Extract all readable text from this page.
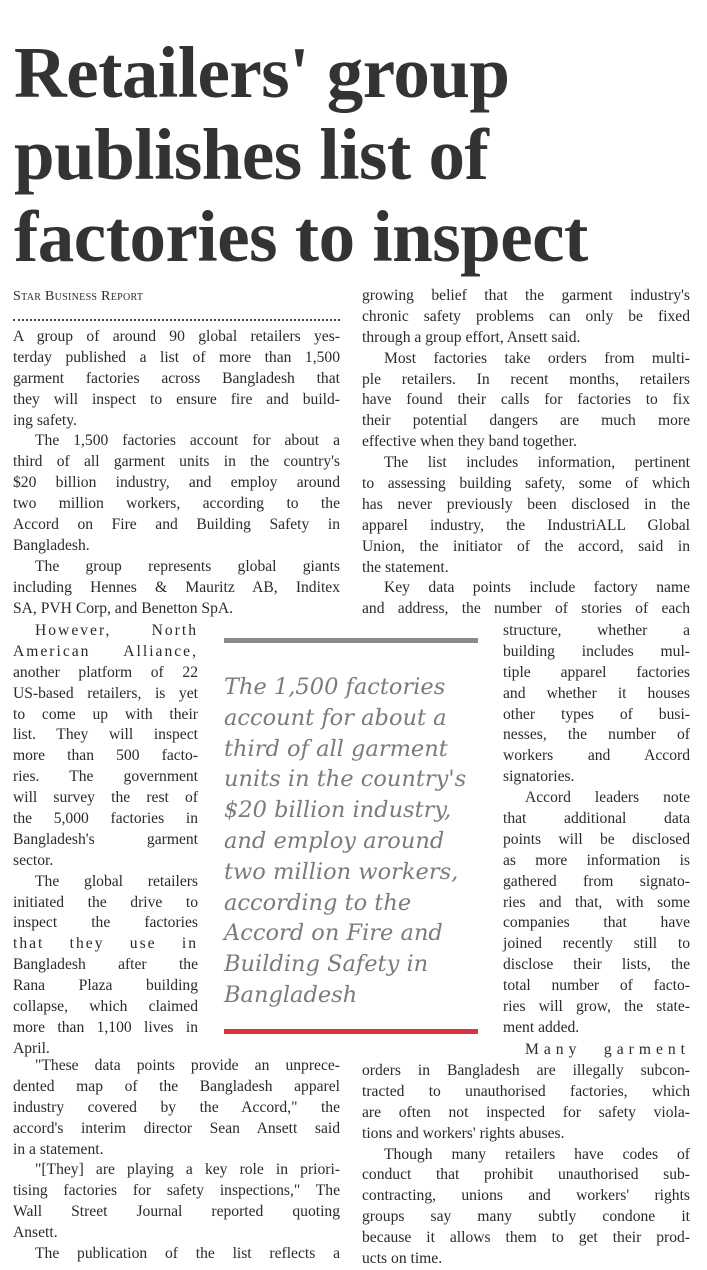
Retailers' group
publishes list of
factories to inspect
Star Business Report
A group of around 90 global retailers yes-
terday published a list of more than 1,500
garment factories across Bangladesh that
they will inspect to ensure fire and build-
ing safety.
The 1,500 factories account for about a
third of all garment units in the country's
$20 billion industry, and employ around
two million workers, according to the
Accord on Fire and Building Safety in
Bangladesh.
The group represents global giants
including Hennes & Mauritz AB, Inditex
SA, PVH Corp, and Benetton SpA.
However, North
American Alliance,
another platform of 22
US-based retailers, is yet
to come up with their
list. They will inspect
more than 500 facto-
ries. The government
will survey the rest of
the 5,000 factories in
Bangladesh's garment
sector.
The global retailers
initiated the drive to
inspect the factories
that they use in
Bangladesh after the
Rana Plaza building
collapse, which claimed
more than 1,100 lives in
April.
"These data points provide an unprece-
dented map of the Bangladesh apparel
industry covered by the Accord," the
accord's interim director Sean Ansett said
in a statement.
"[They] are playing a key role in priori-
tising factories for safety inspections," The
Wall Street Journal reported quoting
Ansett.
The publication of the list reflects a
growing belief that the garment industry's
chronic safety problems can only be fixed
through a group effort, Ansett said.
Most factories take orders from multi-
ple retailers. In recent months, retailers
have found their calls for factories to fix
their potential dangers are much more
effective when they band together.
The list includes information, pertinent
to assessing building safety, some of which
has never previously been disclosed in the
apparel industry, the IndustriALL Global
Union, the initiator of the accord, said in
the statement.
Key data points include factory name
and address, the number of stories of each
structure, whether a
building includes mul-
tiple apparel factories
and whether it houses
other types of busi-
nesses, the number of
workers and Accord
signatories.
Accord leaders note
that additional data
points will be disclosed
as more information is
gathered from signato-
ries and that, with some
companies that have
joined recently still to
disclose their lists, the
total number of facto-
ries will grow, the state-
ment added.
Many garment
orders in Bangladesh are illegally subcon-
tracted to unauthorised factories, which
are often not inspected for safety viola-
tions and workers' rights abuses.
Though many retailers have codes of
conduct that prohibit unauthorised sub-
contracting, unions and workers' rights
groups say many subtly condone it
because it allows them to get their prod-
ucts on time.
The 1,500 factories
account for about a
third of all garment
units in the country's
$20 billion industry,
and employ around
two million workers,
according to the
Accord on Fire and
Building Safety in
Bangladesh
